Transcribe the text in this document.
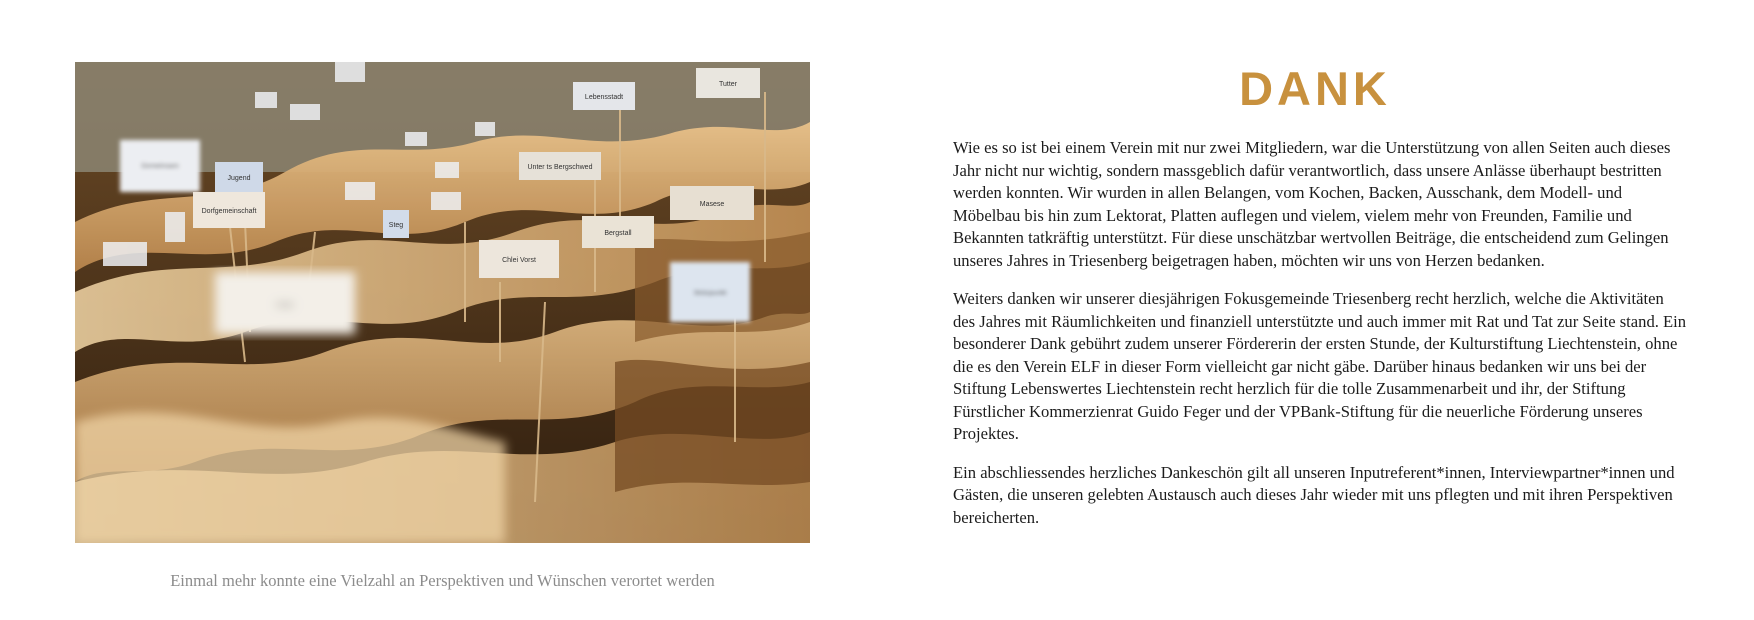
Tutter
Lebensstadt
Gemeinsam
Jugend
Dorfgemeinschaft
Unter ts Bergschwed
Bergstall
Steg
Chlei Vorst
Masese
Stützpunkt
Kultur
Einmal mehr konnte eine Vielzahl an Perspektiven und Wünschen verortet werden
DANK

Wie es so ist bei einem Verein mit nur zwei Mitgliedern, war die Unterstützung von allen Seiten auch dieses Jahr nicht nur wichtig, sondern massgeblich dafür verantwortlich, dass unsere Anlässe überhaupt bestritten werden konnten. Wir wurden in allen Belangen, vom Kochen, Backen, Ausschank, dem Modell- und Möbelbau bis hin zum Lektorat, Platten auflegen und vielem, vielem mehr von Freunden, Familie und Bekannten tatkräftig unterstützt. Für diese unschätzbar wertvollen Beiträge, die entscheidend zum Gelingen unseres Jahres in Triesenberg beigetragen haben, möchten wir uns von Herzen bedanken.

Weiters danken wir unserer diesjährigen Fokusgemeinde Triesenberg recht herzlich, welche die Aktivitäten des Jahres mit Räumlichkeiten und finanziell unterstützte und auch immer mit Rat und Tat zur Seite stand. Ein besonderer Dank gebührt zudem unserer Fördererin der ersten Stunde, der Kulturstiftung Liechtenstein, ohne die es den Verein ELF in dieser Form vielleicht gar nicht gäbe. Darüber hinaus bedanken wir uns bei der Stiftung Lebenswertes Liechtenstein recht herzlich für die tolle Zusammenarbeit und ihr, der Stiftung Fürstlicher Kommerzienrat Guido Feger und der VPBank-Stiftung für die neuerliche Förderung unseres Projektes.

Ein abschliessendes herzliches Dankeschön gilt all unseren Inputreferent*innen, Interviewpartner*innen und Gästen, die unseren gelebten Austausch auch dieses Jahr wieder mit uns pflegten und mit ihren Perspektiven bereicherten.
